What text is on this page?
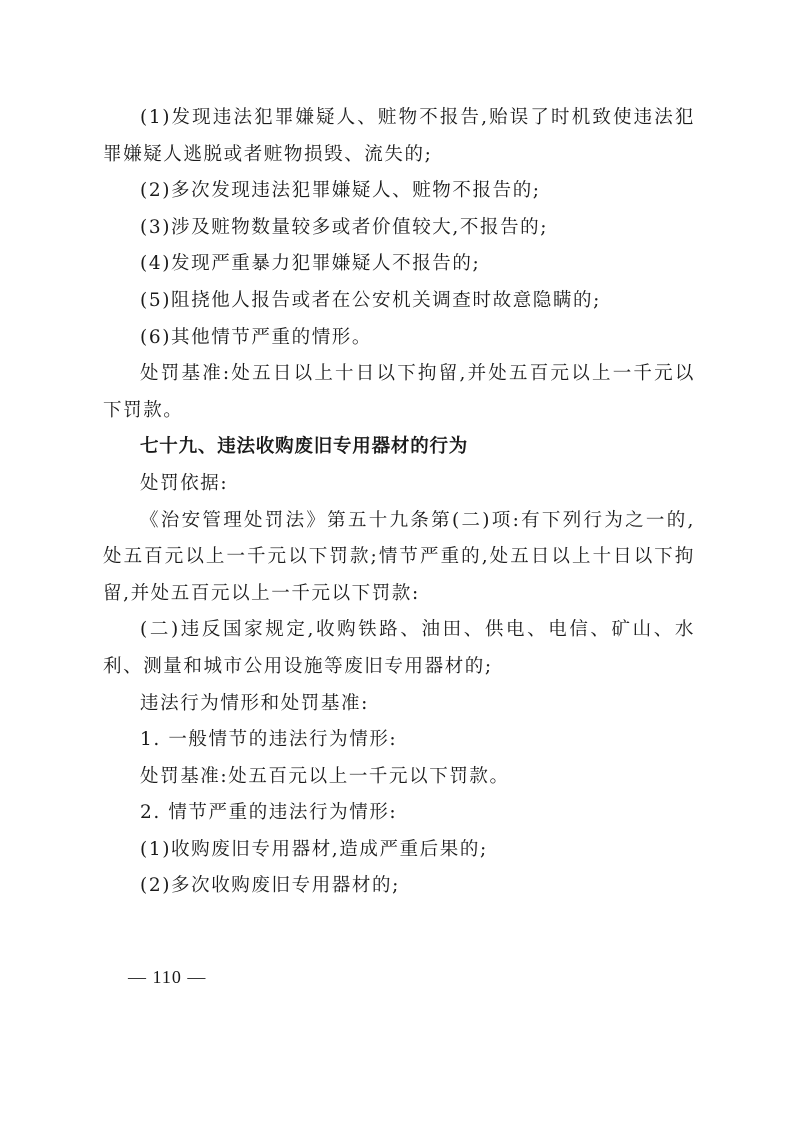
(1)发现违法犯罪嫌疑人、赃物不报告,贻误了时机致使违法犯罪嫌疑人逃脱或者赃物损毁、流失的;

(2)多次发现违法犯罪嫌疑人、赃物不报告的;

(3)涉及赃物数量较多或者价值较大,不报告的;

(4)发现严重暴力犯罪嫌疑人不报告的;

(5)阻挠他人报告或者在公安机关调查时故意隐瞒的;

(6)其他情节严重的情形。

处罚基准:处五日以上十日以下拘留,并处五百元以上一千元以下罚款。

七十九、违法收购废旧专用器材的行为

处罚依据:

《治安管理处罚法》第五十九条第(二)项:有下列行为之一的,处五百元以上一千元以下罚款;情节严重的,处五日以上十日以下拘留,并处五百元以上一千元以下罚款:

(二)违反国家规定,收购铁路、油田、供电、电信、矿山、水利、测量和城市公用设施等废旧专用器材的;

违法行为情形和处罚基准:

1. 一般情节的违法行为情形:

处罚基准:处五百元以上一千元以下罚款。

2. 情节严重的违法行为情形:

(1)收购废旧专用器材,造成严重后果的;

(2)多次收购废旧专用器材的;

— 110 —
